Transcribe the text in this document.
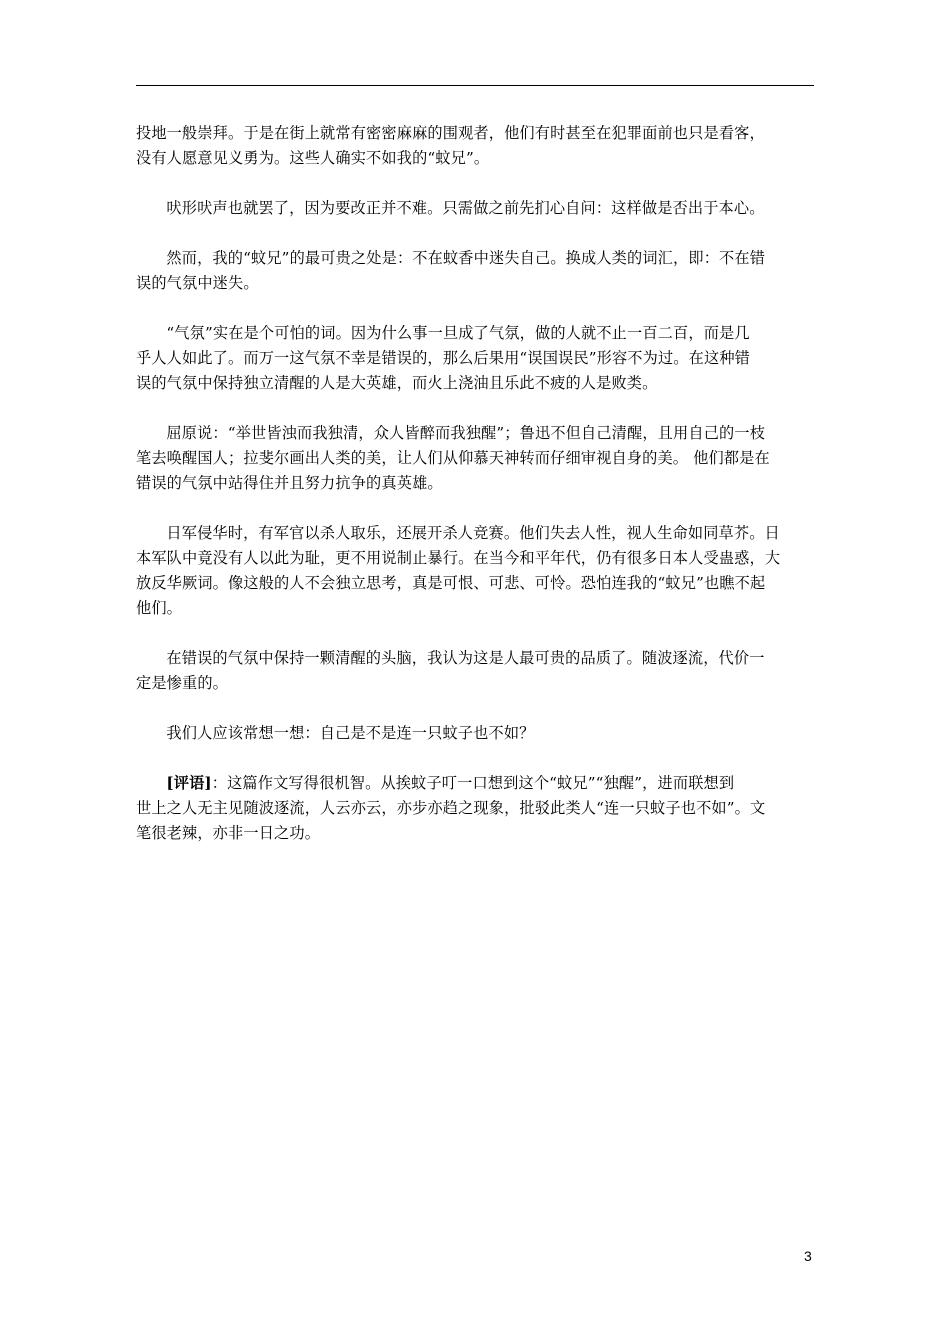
投地一般崇拜。于是在街上就常有密密麻麻的围观者，他们有时甚至在犯罪面前也只是看客，
没有人愿意见义勇为。这些人确实不如我的“蚊兄”。

吠形吠声也就罢了，因为要改正并不难。只需做之前先扪心自问：这样做是否出于本心。

然而，我的“蚊兄”的最可贵之处是：不在蚊香中迷失自己。换成人类的词汇，即：不在错
误的气氛中迷失。

“气氛”实在是个可怕的词。因为什么事一旦成了气氛，做的人就不止一百二百，而是几
乎人人如此了。而万一这气氛不幸是错误的，那么后果用“误国误民”形容不为过。在这种错
误的气氛中保持独立清醒的人是大英雄，而火上浇油且乐此不疲的人是败类。

屈原说：“举世皆浊而我独清，众人皆醉而我独醒”；鲁迅不但自己清醒，且用自己的一枝
笔去唤醒国人；拉斐尔画出人类的美，让人们从仰慕天神转而仔细审视自身的美。 他们都是在
错误的气氛中站得住并且努力抗争的真英雄。

日军侵华时，有军官以杀人取乐，还展开杀人竞赛。他们失去人性，视人生命如同草芥。日
本军队中竟没有人以此为耻，更不用说制止暴行。在当今和平年代，仍有很多日本人受蛊惑，大
放反华厥词。像这般的人不会独立思考，真是可恨、可悲、可怜。恐怕连我的“蚊兄”也瞧不起
他们。

在错误的气氛中保持一颗清醒的头脑，我认为这是人最可贵的品质了。随波逐流，代价一
定是惨重的。

我们人应该常想一想：自己是不是连一只蚊子也不如？

[评语]：这篇作文写得很机智。从挨蚊子叮一口想到这个“蚊兄”“独醒”，进而联想到
世上之人无主见随波逐流，人云亦云，亦步亦趋之现象，批驳此类人“连一只蚊子也不如”。文
笔很老辣，亦非一日之功。

3
